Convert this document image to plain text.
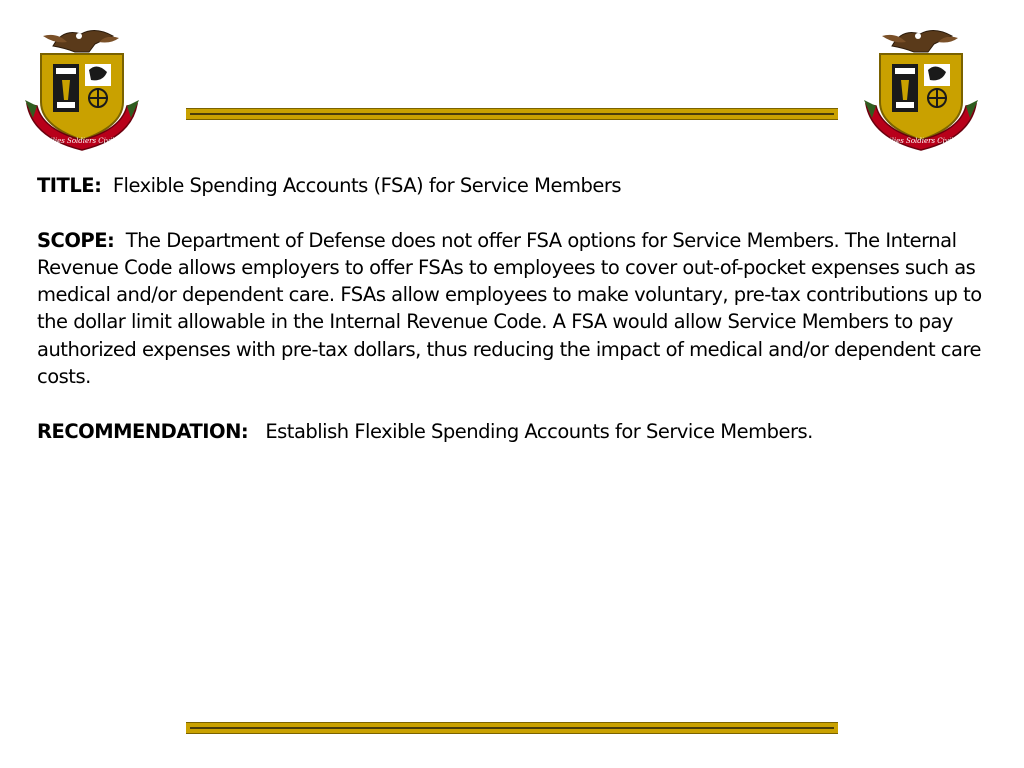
Families Soldiers Civilians	Families Soldiers Civilians

TITLE: Flexible Spending Accounts (FSA) for Service Members

SCOPE: The Department of Defense does not offer FSA options for Service Members. The Internal Revenue Code allows employers to offer FSAs to employees to cover out-of-pocket expenses such as medical and/or dependent care. FSAs allow employees to make voluntary, pre-tax contributions up to the dollar limit allowable in the Internal Revenue Code. A FSA would allow Service Members to pay authorized expenses with pre-tax dollars, thus reducing the impact of medical and/or dependent care costs.

RECOMMENDATION: Establish Flexible Spending Accounts for Service Members.
